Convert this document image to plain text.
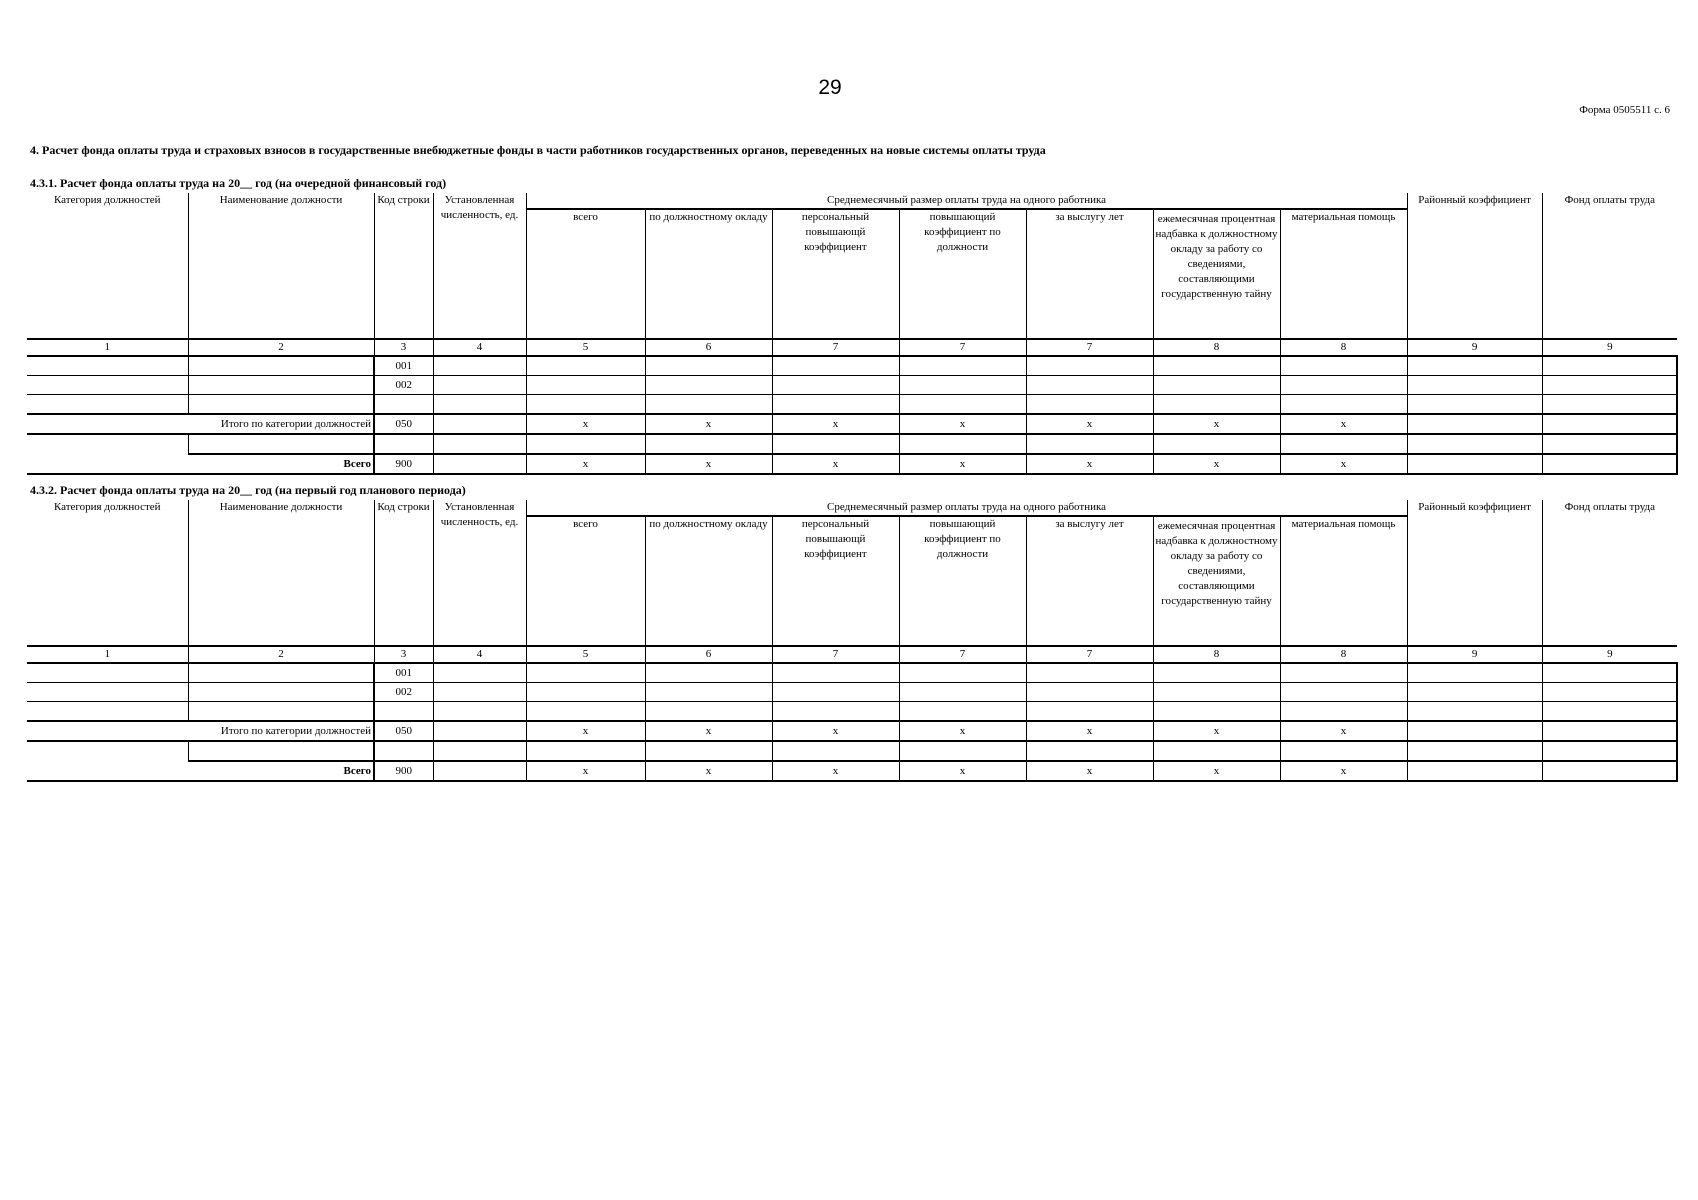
29
Форма 0505511 с. 6
4. Расчет фонда оплаты труда и страховых взносов в государственные внебюджетные фонды в части работников государственных органов, переведенных на новые системы оплаты труда
4.3.1. Расчет фонда оплаты труда на 20__ год (на очередной финансовый год)
Категория должностей	Наименование должности	Код строки	Установленная численность, ед.	Среднемесячный размер оплаты труда на одного работника							Районный коэффициент	Фонд оплаты труда
				всего	по должностному окладу	персональный повышающй коэффициент	повышающий коэффициент по должности	за выслугу лет	ежемесячная процентная надбавка к должностному окладу за работу со сведениями, составляющими государственную тайну	материальная помощь		
1	2	3	4	5	6	7	7	7	8	8	9	9
		001										
		002										

Итого по категории должностей		050		x	x	x	x	x	x	x		

Всего		900		x	x	x	x	x	x	x		
4.3.2. Расчет фонда оплаты труда на 20__ год (на первый год планового периода)
Категория должностей	Наименование должности	Код строки	Установленная численность, ед.	Среднемесячный размер оплаты труда на одного работника							Районный коэффициент	Фонд оплаты труда
				всего	по должностному окладу	персональный повышающй коэффициент	повышающий коэффициент по должности	за выслугу лет	ежемесячная процентная надбавка к должностному окладу за работу со сведениями, составляющими государственную тайну	материальная помощь		
1	2	3	4	5	6	7	7	7	8	8	9	9
		001										
		002										

Итого по категории должностей		050		x	x	x	x	x	x	x		

Всего		900		x	x	x	x	x	x	x		
